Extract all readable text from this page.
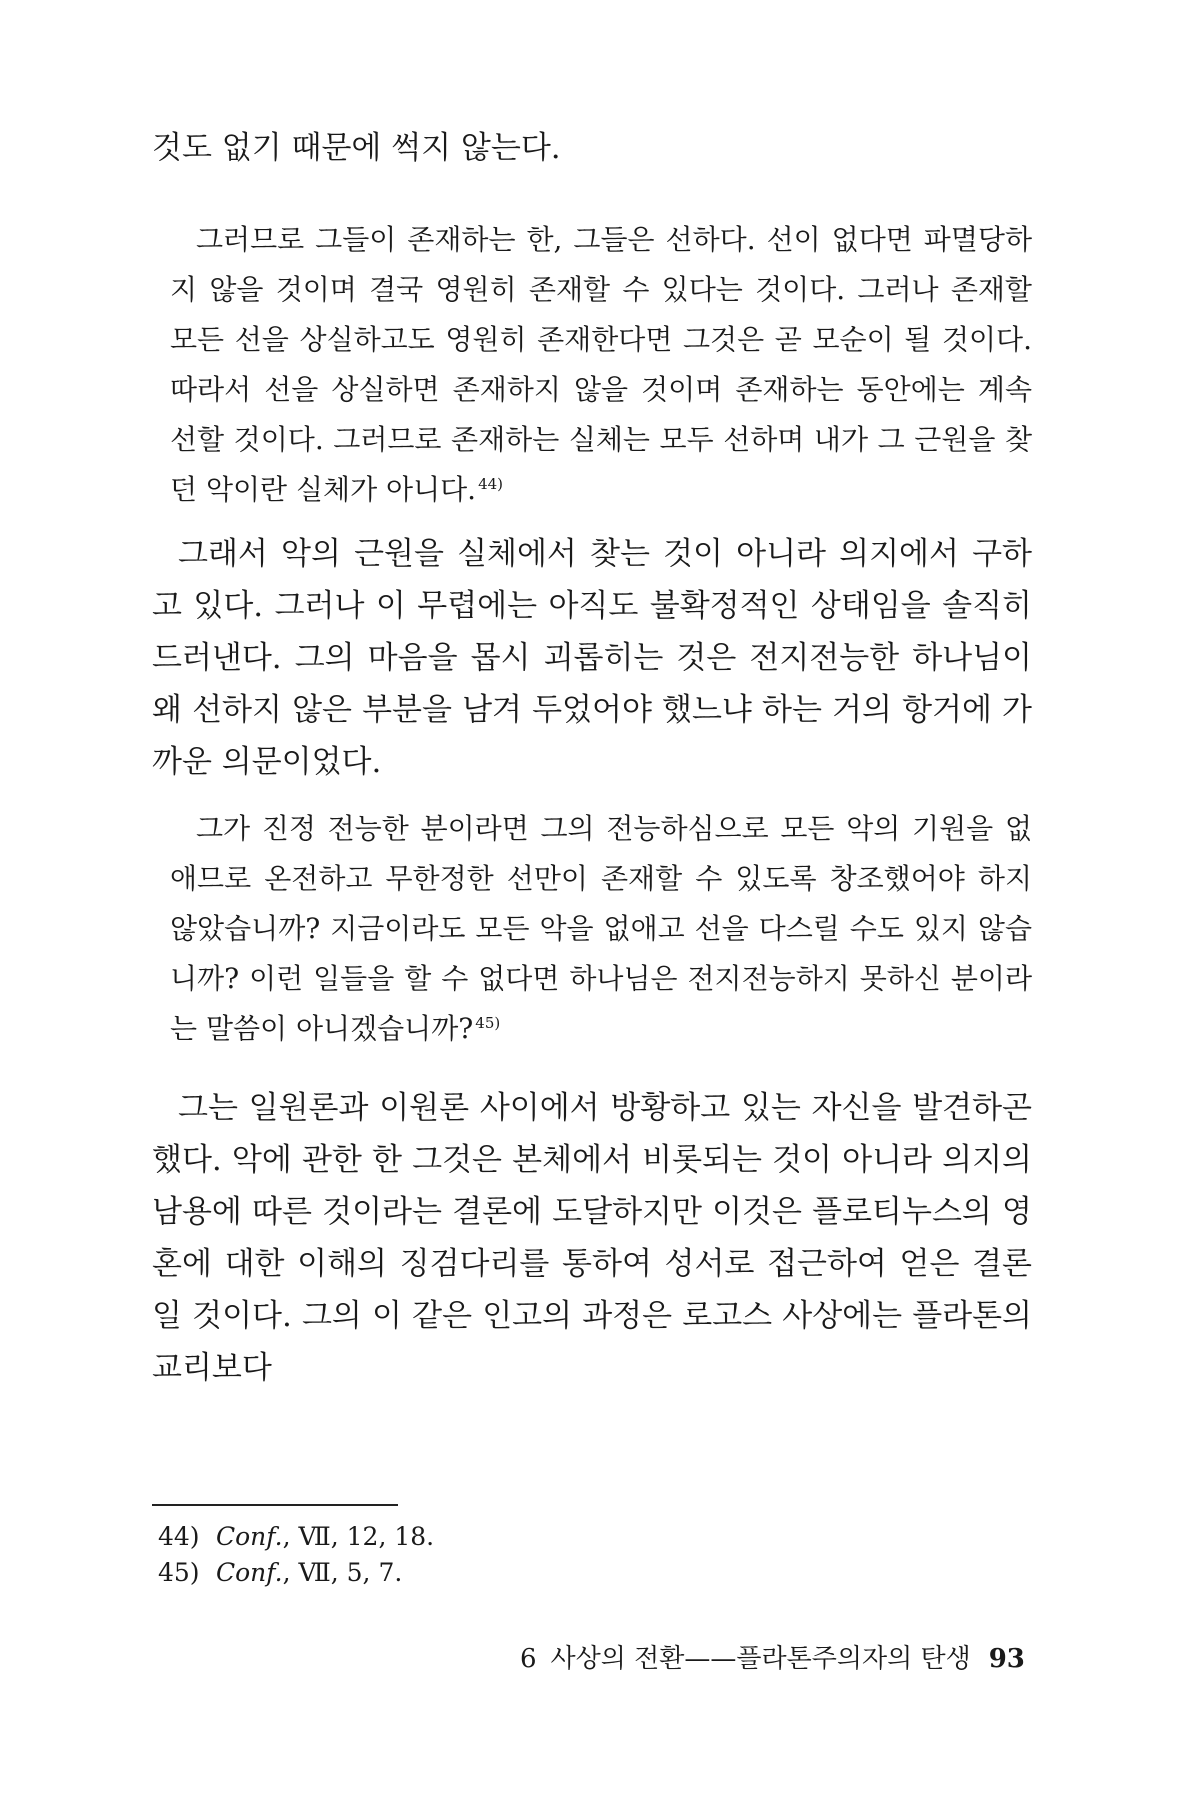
것도 없기 때문에 썩지 않는다.

그러므로 그들이 존재하는 한, 그들은 선하다. 선이 없다면 파멸당하지 않을 것이며 결국 영원히 존재할 수 있다는 것이다. 그러나 존재할 모든 선을 상실하고도 영원히 존재한다면 그것은 곧 모순이 될 것이다. 따라서 선을 상실하면 존재하지 않을 것이며 존재하는 동안에는 계속 선할 것이다. 그러므로 존재하는 실체는 모두 선하며 내가 그 근원을 찾던 악이란 실체가 아니다. $^{44)}$

그래서 악의 근원을 실체에서 찾는 것이 아니라 의지에서 구하고 있다. 그러나 이 무렵에는 아직도 불확정적인 상태임을 솔직히 드러낸다. 그의 마음을 몹시 괴롭히는 것은 전지전능한 하나님이 왜 선하지 않은 부분을 남겨 두었어야 했느냐 하는 거의 항거에 가까운 의문이었다.

그가 진정 전능한 분이라면 그의 전능하심으로 모든 악의 기원을 없애므로 온전하고 무한정한 선만이 존재할 수 있도록 창조했어야 하지 않았습니까? 지금이라도 모든 악을 없애고 선을 다스릴 수도 있지 않습니까? 이런 일들을 할 수 없다면 하나님은 전지전능하지 못하신 분이라는 말씀이 아니겠습니까? $^{45)}$

그는 일원론과 이원론 사이에서 방황하고 있는 자신을 발견하곤 했다. 악에 관한 한 그것은 본체에서 비롯되는 것이 아니라 의지의 남용에 따른 것이라는 결론에 도달하지만 이것은 플로티누스의 영혼에 대한 이해의 징검다리를 통하여 성서로 접근하여 얻은 결론일 것이다. 그의 이 같은 인고의 과정은 로고스 사상에는 플라톤의 교리보다

44) Conf., Ⅶ, 12, 18.
45) Conf., Ⅶ, 5, 7.
6 사상의 전환——플라톤주의자의 탄생 93
